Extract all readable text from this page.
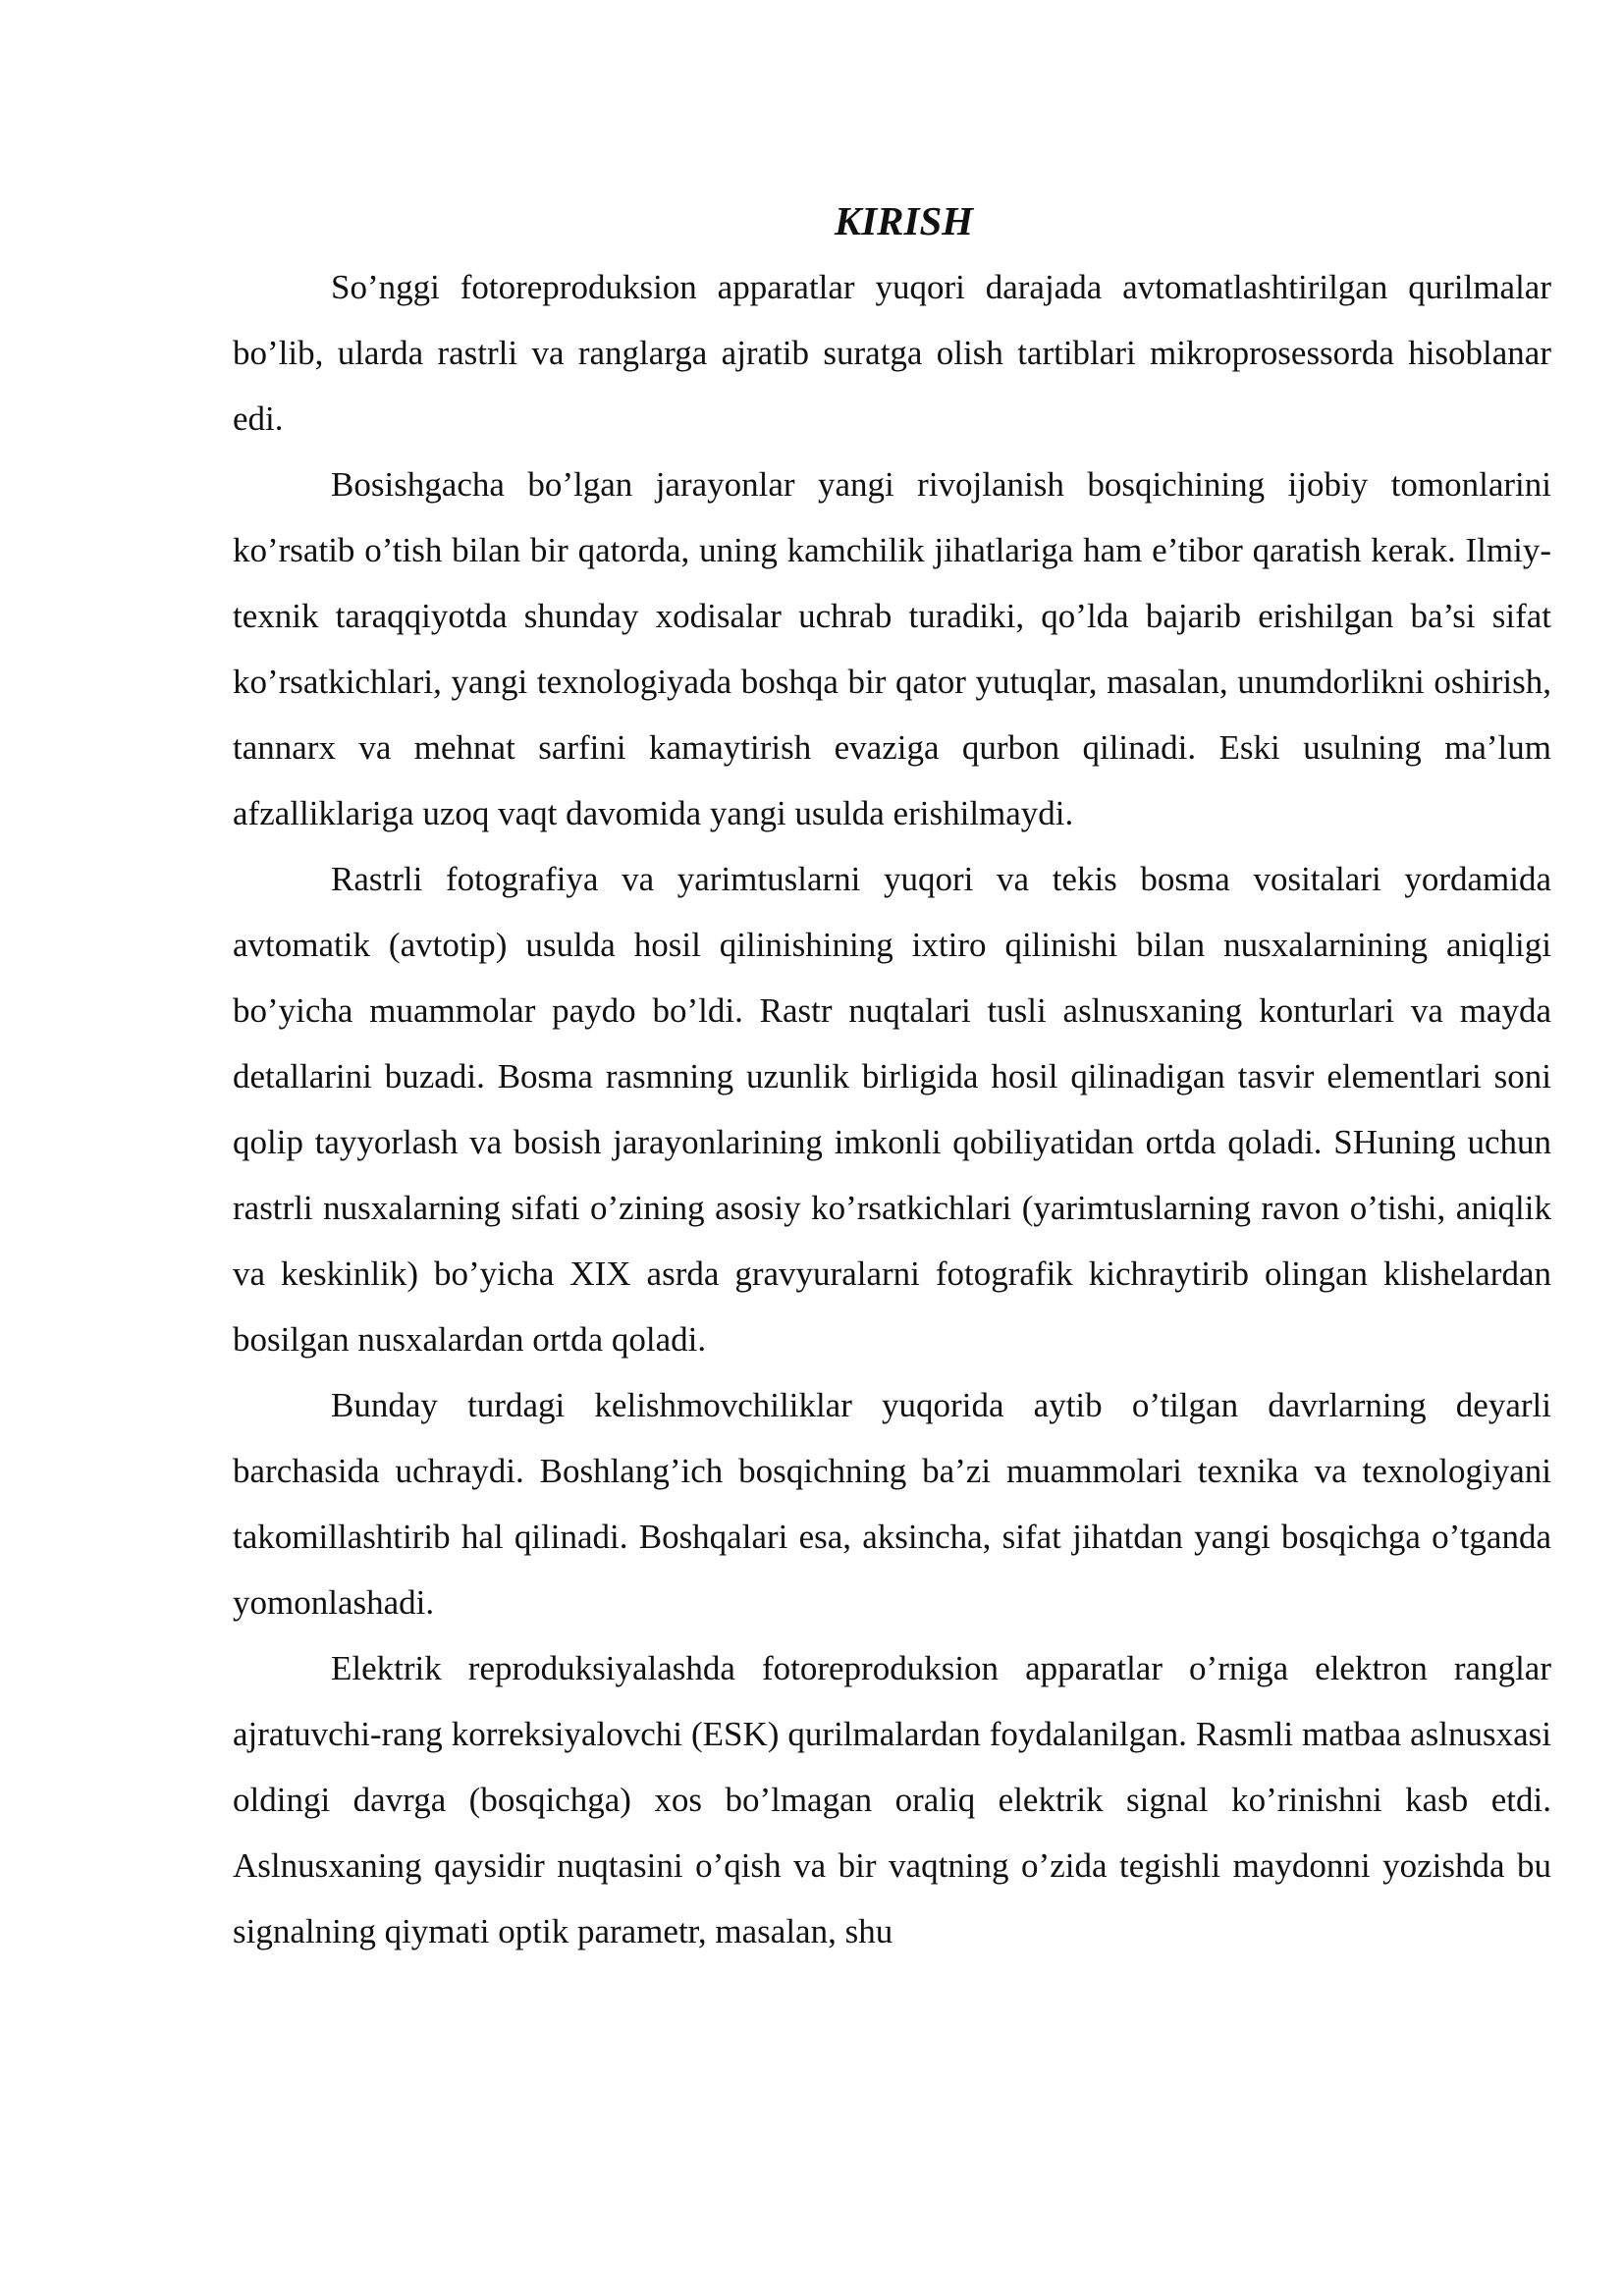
KIRISH

So’nggi fotoreproduksion apparatlar yuqori darajada avtomatlashtirilgan qurilmalar bo’lib, ularda rastrli va ranglarga ajratib suratga olish tartiblari mikroprosessorda hisoblanar edi.

Bosishgacha bo’lgan jarayonlar yangi rivojlanish bosqichining ijobiy tomonlarini ko’rsatib o’tish bilan bir qatorda, uning kamchilik jihatlariga ham e’tibor qaratish kerak. Ilmiy-texnik taraqqiyotda shunday xodisalar uchrab turadiki, qo’lda bajarib erishilgan ba’si sifat ko’rsatkichlari, yangi texnologiyada boshqa bir qator yutuqlar, masalan, unumdorlikni oshirish, tannarx va mehnat sarfini kamaytirish evaziga qurbon qilinadi. Eski usulning ma’lum afzalliklariga uzoq vaqt davomida yangi usulda erishilmaydi.

Rastrli fotografiya va yarimtuslarni yuqori va tekis bosma vositalari yordamida avtomatik (avtotip) usulda hosil qilinishining ixtiro qilinishi bilan nusxalarnining aniqligi bo’yicha muammolar paydo bo’ldi. Rastr nuqtalari tusli aslnusxaning konturlari va mayda detallarini buzadi. Bosma rasmning uzunlik birligida hosil qilinadigan tasvir elementlari soni qolip tayyorlash va bosish jarayonlarining imkonli qobiliyatidan ortda qoladi. SHuning uchun rastrli nusxalarning sifati o’zining asosiy ko’rsatkichlari (yarimtuslarning ravon o’tishi, aniqlik va keskinlik) bo’yicha XIX asrda gravyuralarni fotografik kichraytirib olingan klishelardan bosilgan nusxalardan ortda qoladi.

Bunday turdagi kelishmovchiliklar yuqorida aytib o’tilgan davrlarning deyarli barchasida uchraydi. Boshlang’ich bosqichning ba’zi muammolari texnika va texnologiyani takomillashtirib hal qilinadi. Boshqalari esa, aksincha, sifat jihatdan yangi bosqichga o’tganda yomonlashadi.

Elektrik reproduksiyalashda fotoreproduksion apparatlar o’rniga elektron ranglar ajratuvchi-rang korreksiyalovchi (ESK) qurilmalardan foydalanilgan. Rasmli matbaa aslnusxasi oldingi davrga (bosqichga) xos bo’lmagan oraliq elektrik signal ko’rinishni kasb etdi. Aslnusxaning qaysidir nuqtasini o’qish va bir vaqtning o’zida tegishli maydonni yozishda bu signalning qiymati optik parametr, masalan, shu
